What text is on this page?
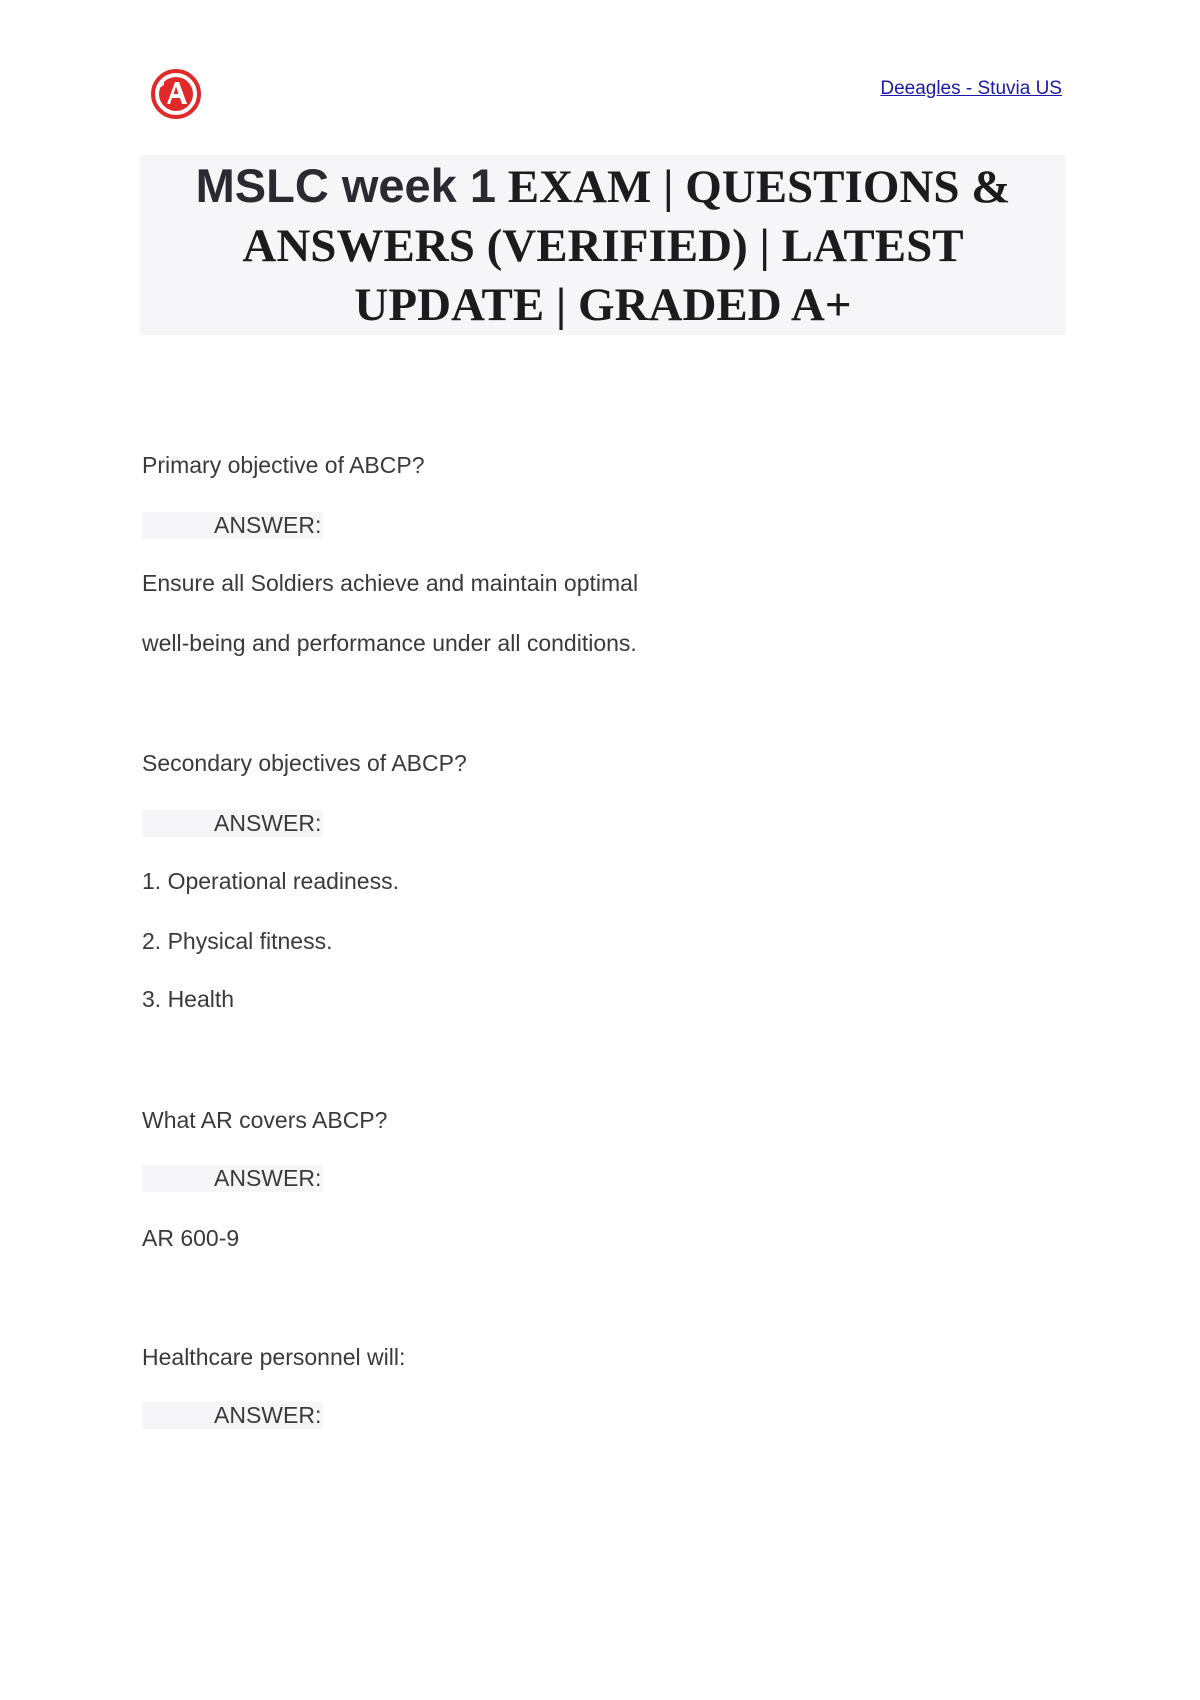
Deeagles - Stuvia US
MSLC week 1 EXAM | QUESTIONS & ANSWERS (VERIFIED) | LATEST UPDATE | GRADED A+
Primary objective of ABCP?
ANSWER:
Ensure all Soldiers achieve and maintain optimal
well-being and performance under all conditions.
Secondary objectives of ABCP?
ANSWER:
1. Operational readiness.
2. Physical fitness.
3. Health
What AR covers ABCP?
ANSWER:
AR 600-9
Healthcare personnel will:
ANSWER:
